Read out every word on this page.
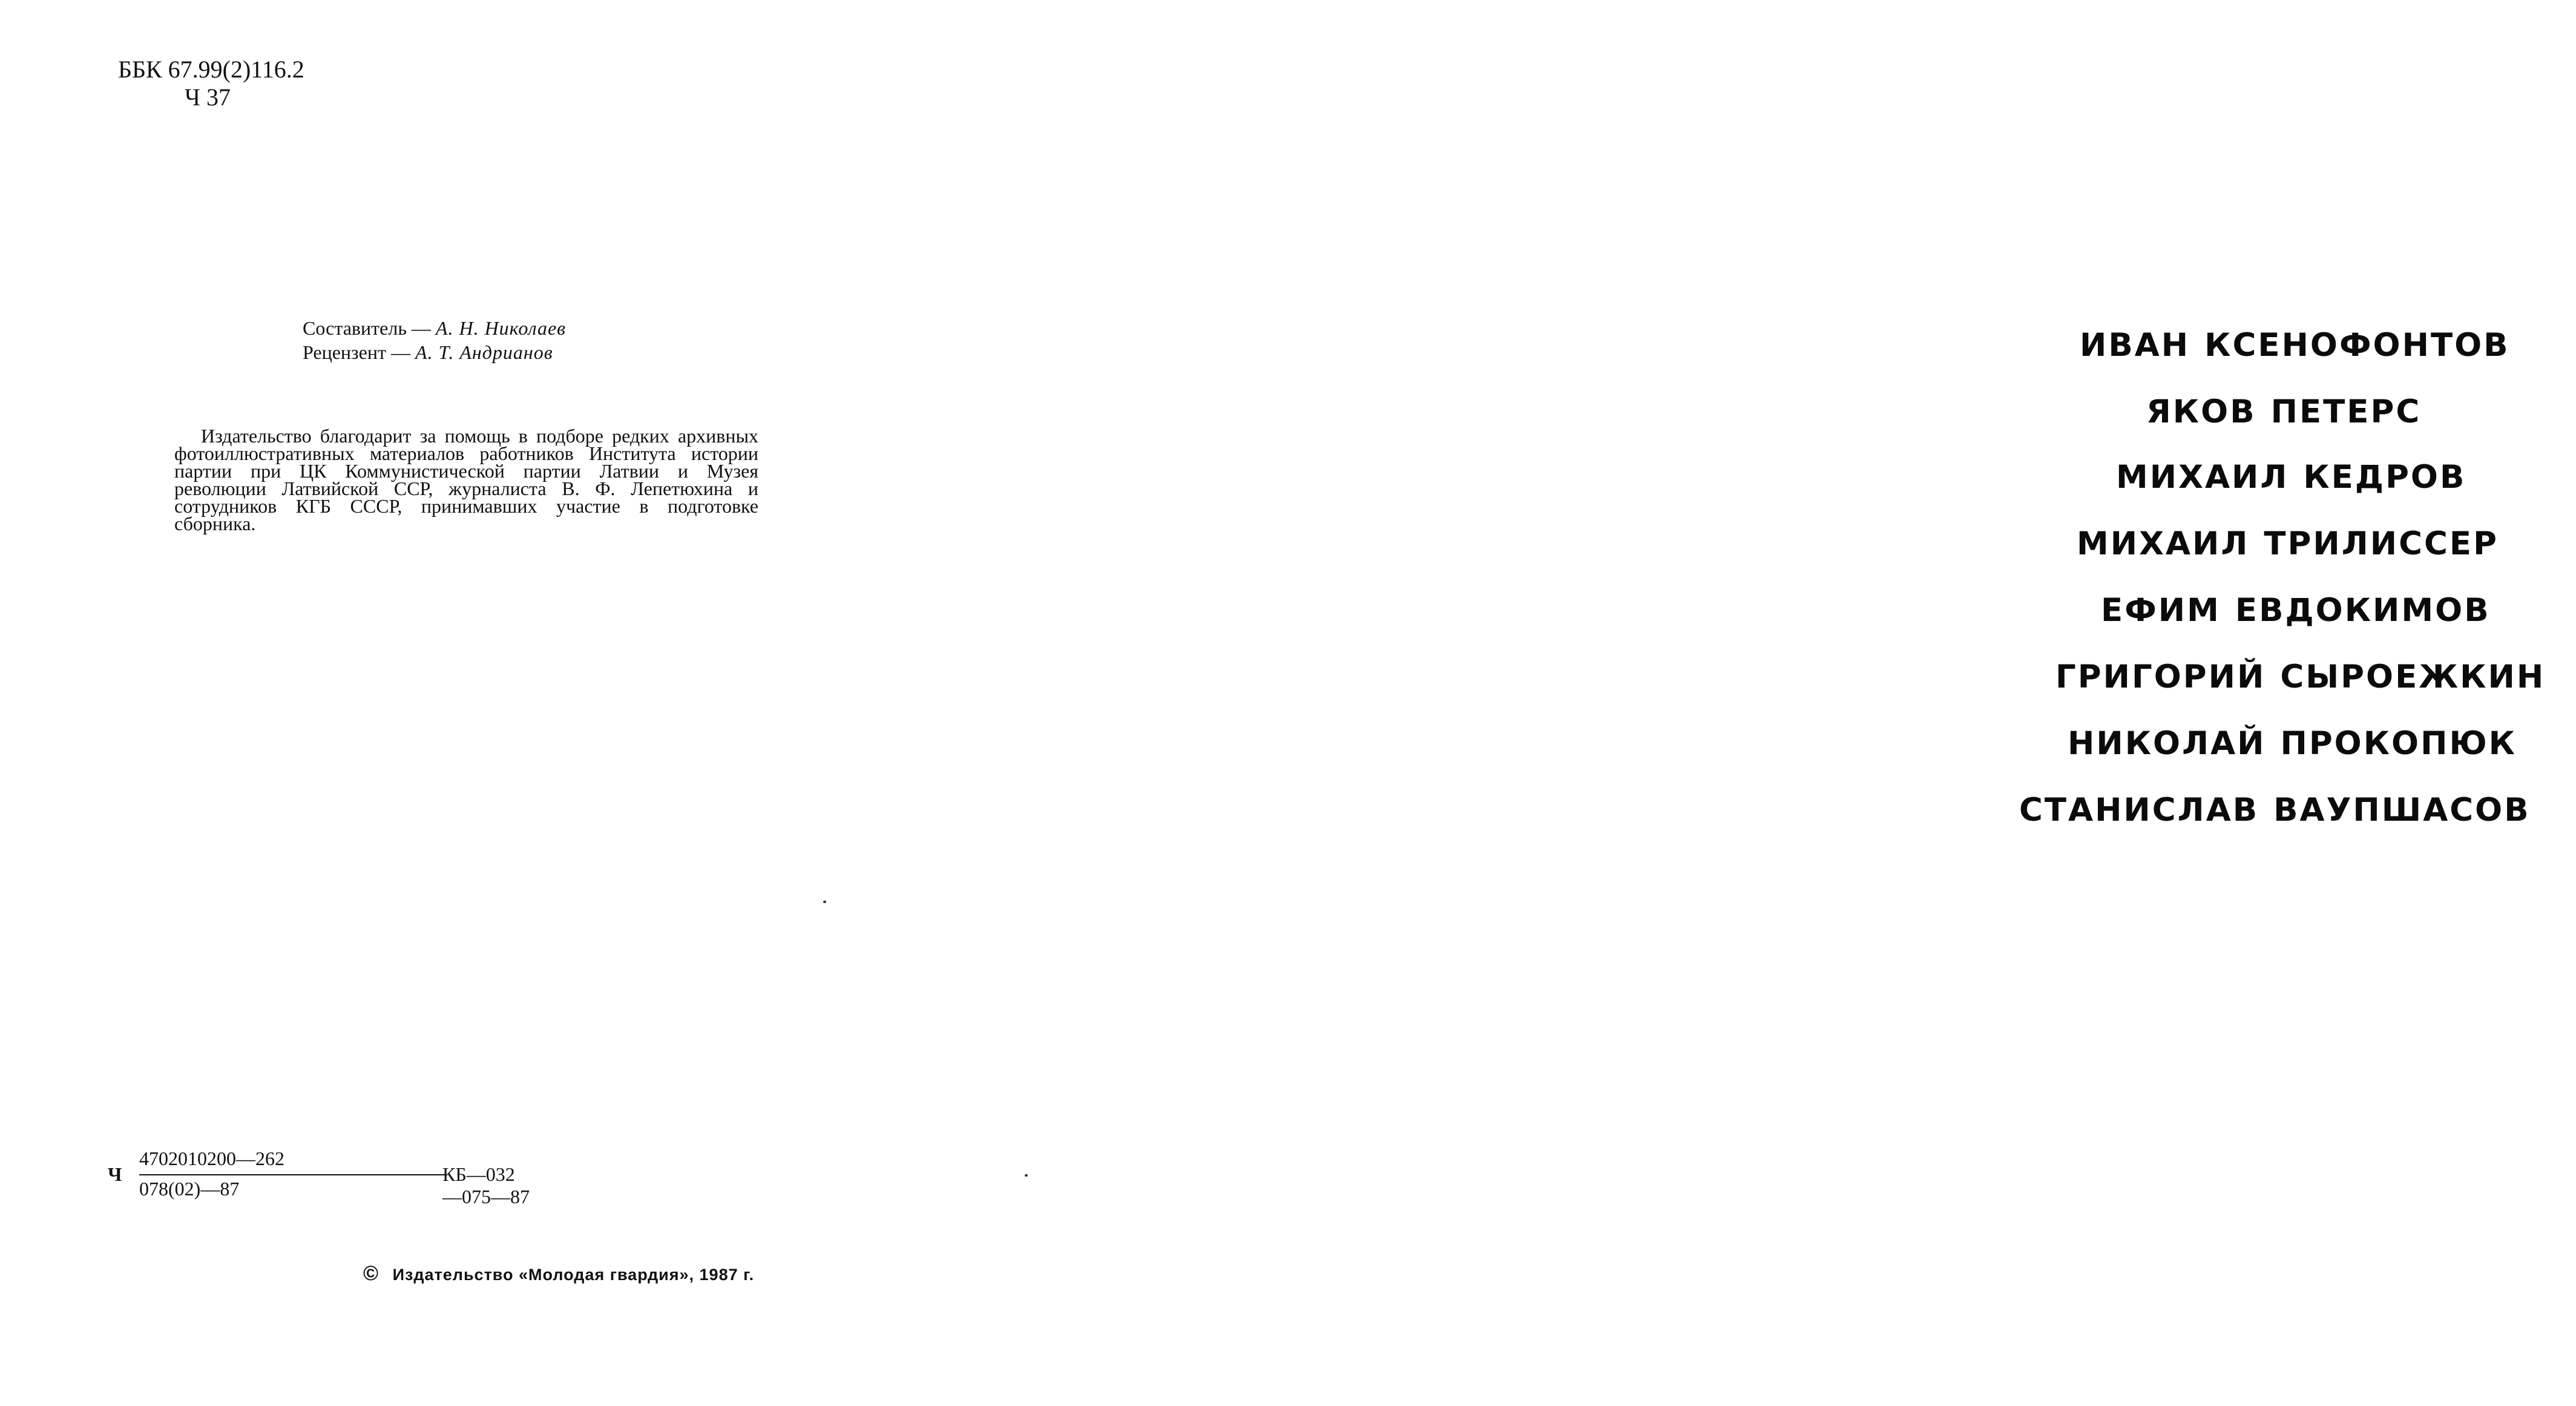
ББК 67.99(2)116.2
Ч 37
Составитель — А. Н. Николаев
Рецензент — А. Т. Андрианов
Издательство благодарит за помощь в подборе редких архивных фотоиллюстративных материалов работников Института истории партии при ЦК Коммунистической партии Латвии и Музея революции Латвийской ССР, журналиста В. Ф. Лепетюхина и сотрудников КГБ СССР, принимавших участие в подготовке сборника.
Ч
4702010200—262
078(02)—87
КБ—032—075—87
© Издательство «Молодая гвардия», 1987 г.
ИВАН КСЕНОФОНТОВ
ЯКОВ ПЕТЕРС
МИХАИЛ КЕДРОВ
МИХАИЛ ТРИЛИССЕР
ЕФИМ ЕВДОКИМОВ
ГРИГОРИЙ СЫРОЕЖКИН
НИКОЛАЙ ПРОКОПЮК
СТАНИСЛАВ ВАУПШАСОВ
